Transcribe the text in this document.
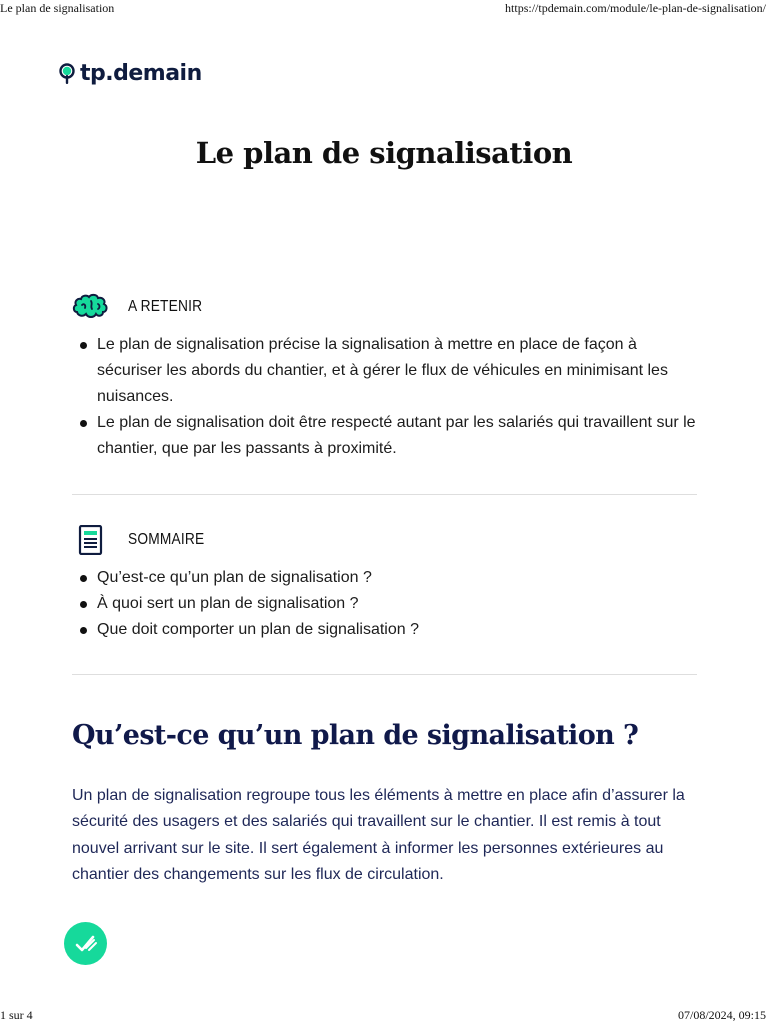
Le plan de signalisation	https://tpdemain.com/module/le-plan-de-signalisation/
tp.demain
Le plan de signalisation
A RETENIR
Le plan de signalisation précise la signalisation à mettre en place de façon à sécuriser les abords du chantier, et à gérer le flux de véhicules en minimisant les nuisances.
Le plan de signalisation doit être respecté autant par les salariés qui travaillent sur le chantier, que par les passants à proximité.
SOMMAIRE
Qu’est-ce qu’un plan de signalisation ?
À quoi sert un plan de signalisation ?
Que doit comporter un plan de signalisation ?
Qu’est-ce qu’un plan de signalisation ?

Un plan de signalisation regroupe tous les éléments à mettre en place afin d’assurer la sécurité des usagers et des salariés qui travaillent sur le chantier. Il est remis à tout nouvel arrivant sur le site. Il sert également à informer les personnes extérieures au chantier des changements sur les flux de circulation.

1 sur 4	07/08/2024, 09:15
